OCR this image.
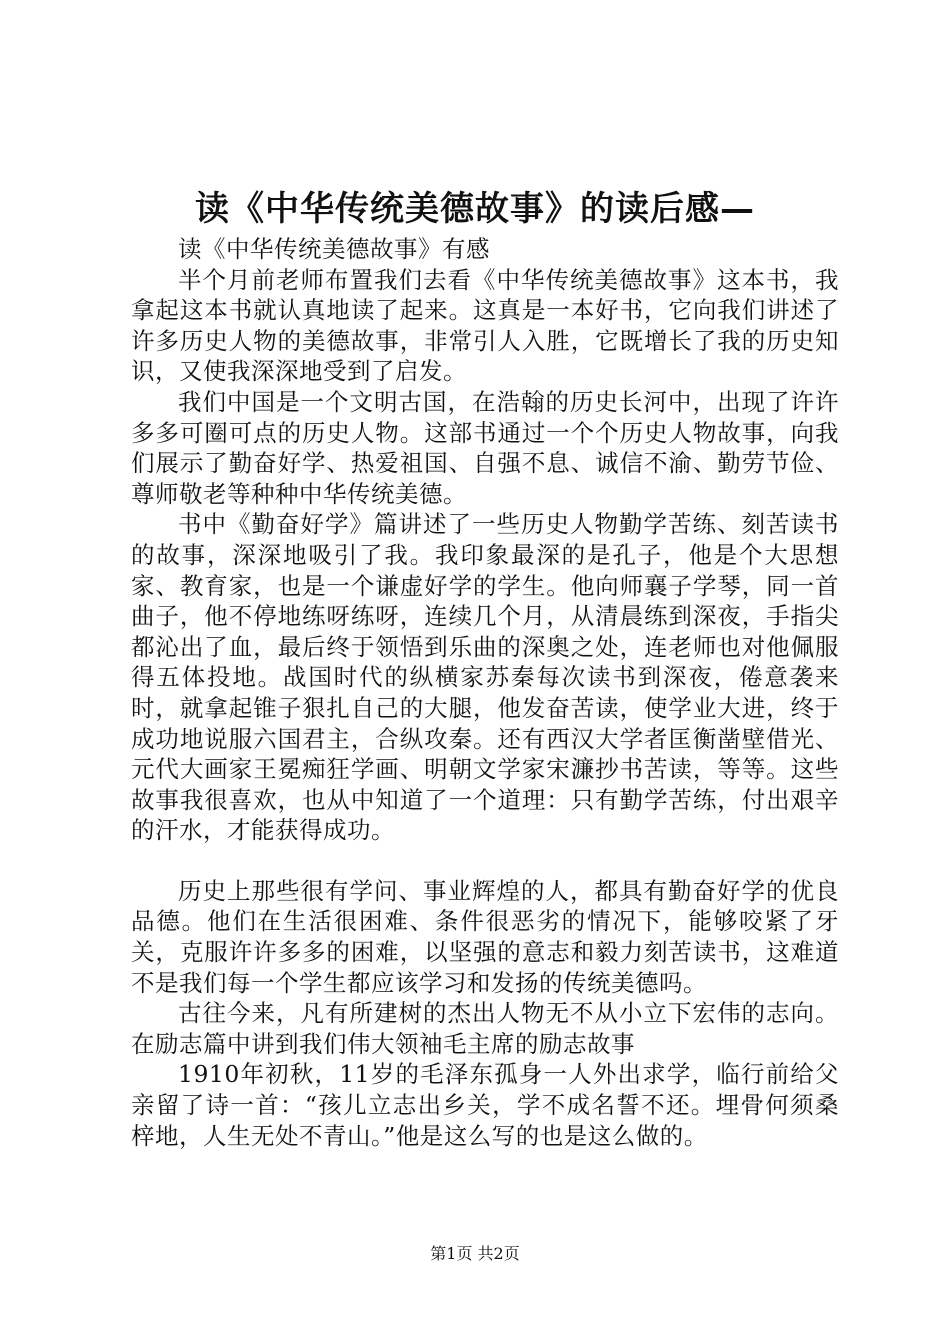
读《中华传统美德故事》的读后感—

读《中华传统美德故事》有感

半个月前老师布置我们去看《中华传统美德故事》这本书，我拿起这本书就认真地读了起来。这真是一本好书，它向我们讲述了许多历史人物的美德故事，非常引人入胜，它既增长了我的历史知识，又使我深深地受到了启发。

我们中国是一个文明古国，在浩翰的历史长河中，出现了许许多多可圈可点的历史人物。这部书通过一个个历史人物故事，向我们展示了勤奋好学、热爱祖国、自强不息、诚信不渝、勤劳节俭、尊师敬老等种种中华传统美德。

书中《勤奋好学》篇讲述了一些历史人物勤学苦练、刻苦读书的故事，深深地吸引了我。我印象最深的是孔子，他是个大思想家、教育家，也是一个谦虚好学的学生。他向师襄子学琴，同一首曲子，他不停地练呀练呀，连续几个月，从清晨练到深夜，手指尖都沁出了血，最后终于领悟到乐曲的深奥之处，连老师也对他佩服得五体投地。战国时代的纵横家苏秦每次读书到深夜，倦意袭来时，就拿起锥子狠扎自己的大腿，他发奋苦读，使学业大进，终于成功地说服六国君主，合纵攻秦。还有西汉大学者匡衡凿壁借光、元代大画家王冕痴狂学画、明朝文学家宋濂抄书苦读，等等。这些故事我很喜欢，也从中知道了一个道理：只有勤学苦练，付出艰辛的汗水，才能获得成功。

历史上那些很有学问、事业辉煌的人，都具有勤奋好学的优良品德。他们在生活很困难、条件很恶劣的情况下，能够咬紧了牙关，克服许许多多的困难，以坚强的意志和毅力刻苦读书，这难道不是我们每一个学生都应该学习和发扬的传统美德吗。

古往今来，凡有所建树的杰出人物无不从小立下宏伟的志向。在励志篇中讲到我们伟大领袖毛主席的励志故事

1910年初秋，11岁的毛泽东孤身一人外出求学，临行前给父亲留了诗一首：“孩儿立志出乡关，学不成名誓不还。埋骨何须桑梓地，人生无处不青山。”他是这么写的也是这么做的。

第1页 共2页
